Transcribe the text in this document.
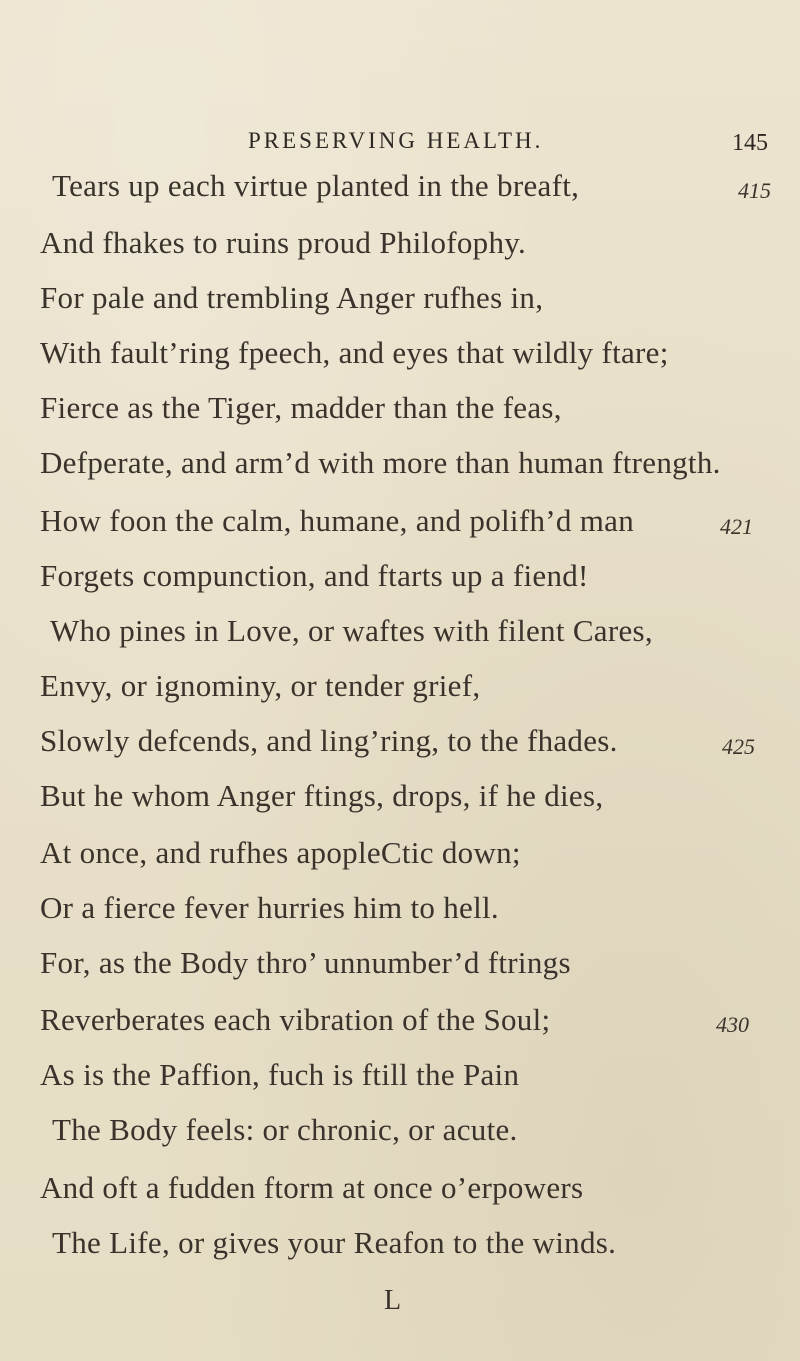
PRESERVING HEALTH.	145
Tears up each virtue planted in the breaft,
And fhakes to ruins proud Philofophy.
For pale and trembling Anger rufhes in,
With fault’ring fpeech, and eyes that wildly ftare;
Fierce as the Tiger, madder than the feas,
Defperate, and arm’d with more than human ftrength.
How foon the calm, humane, and polifh’d man
Forgets compunction, and ftarts up a fiend!
Who pines in Love, or waftes with filent Cares,
Envy, or ignominy, or tender grief,
Slowly defcends, and ling’ring, to the fhades.
But he whom Anger ftings, drops, if he dies,
At once, and rufhes apopleCtic down;
Or a fierce fever hurries him to hell.
For, as the Body thro’ unnumber’d ftrings
Reverberates each vibration of the Soul;
As is the Paffion, fuch is ftill the Pain
The Body feels: or chronic, or acute.
And oft a fudden ftorm at once o’erpowers
The Life, or gives your Reafon to the winds.
415
421
425
430
L
